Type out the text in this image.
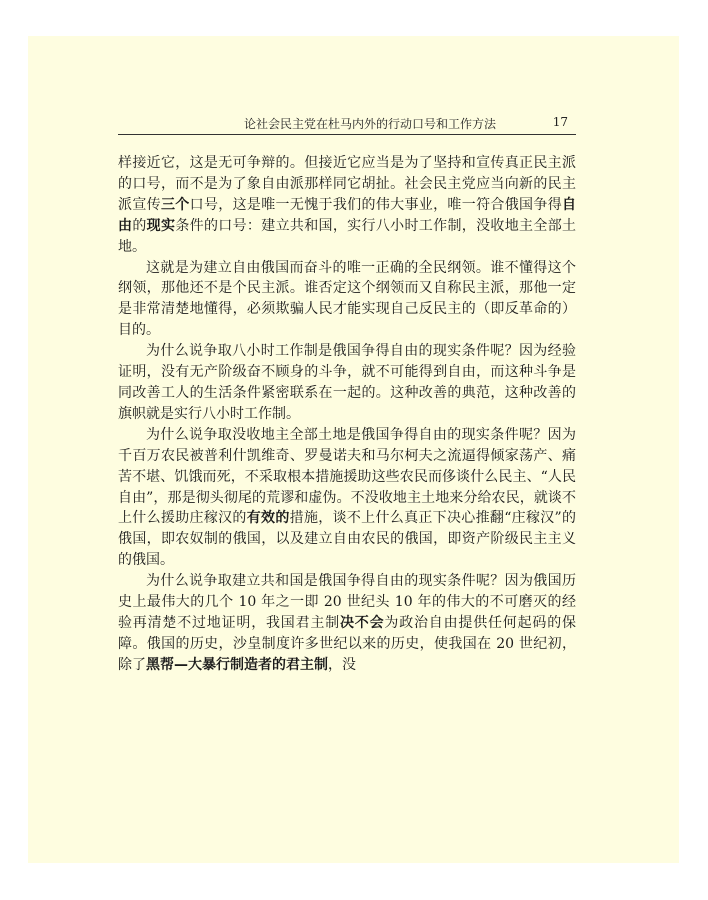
论社会民主党在杜马内外的行动口号和工作方法	17

样接近它，这是无可争辩的。但接近它应当是为了坚持和宣传真正民主派的口号，而不是为了象自由派那样同它胡扯。社会民主党应当向新的民主派宣传三个口号，这是唯一无愧于我们的伟大事业，唯一符合俄国争得自由的现实条件的口号：建立共和国，实行八小时工作制，没收地主全部土地。

这就是为建立自由俄国而奋斗的唯一正确的全民纲领。谁不懂得这个纲领，那他还不是个民主派。谁否定这个纲领而又自称民主派，那他一定是非常清楚地懂得，必须欺骗人民才能实现自己反民主的（即反革命的）目的。

为什么说争取八小时工作制是俄国争得自由的现实条件呢？因为经验证明，没有无产阶级奋不顾身的斗争，就不可能得到自由，而这种斗争是同改善工人的生活条件紧密联系在一起的。这种改善的典范，这种改善的旗帜就是实行八小时工作制。

为什么说争取没收地主全部土地是俄国争得自由的现实条件呢？因为千百万农民被普利什凯维奇、罗曼诺夫和马尔柯夫之流逼得倾家荡产、痛苦不堪、饥饿而死，不采取根本措施援助这些农民而侈谈什么民主、“人民自由”，那是彻头彻尾的荒谬和虚伪。不没收地主土地来分给农民，就谈不上什么援助庄稼汉的有效的措施，谈不上什么真正下决心推翻“庄稼汉”的俄国，即农奴制的俄国，以及建立自由农民的俄国，即资产阶级民主主义的俄国。

为什么说争取建立共和国是俄国争得自由的现实条件呢？因为俄国历史上最伟大的几个 10 年之一即 20 世纪头 10 年的伟大的不可磨灭的经验再清楚不过地证明，我国君主制决不会为政治自由提供任何起码的保障。俄国的历史，沙皇制度许多世纪以来的历史，使我国在 20 世纪初，除了黑帮—大暴行制造者的君主制，没
